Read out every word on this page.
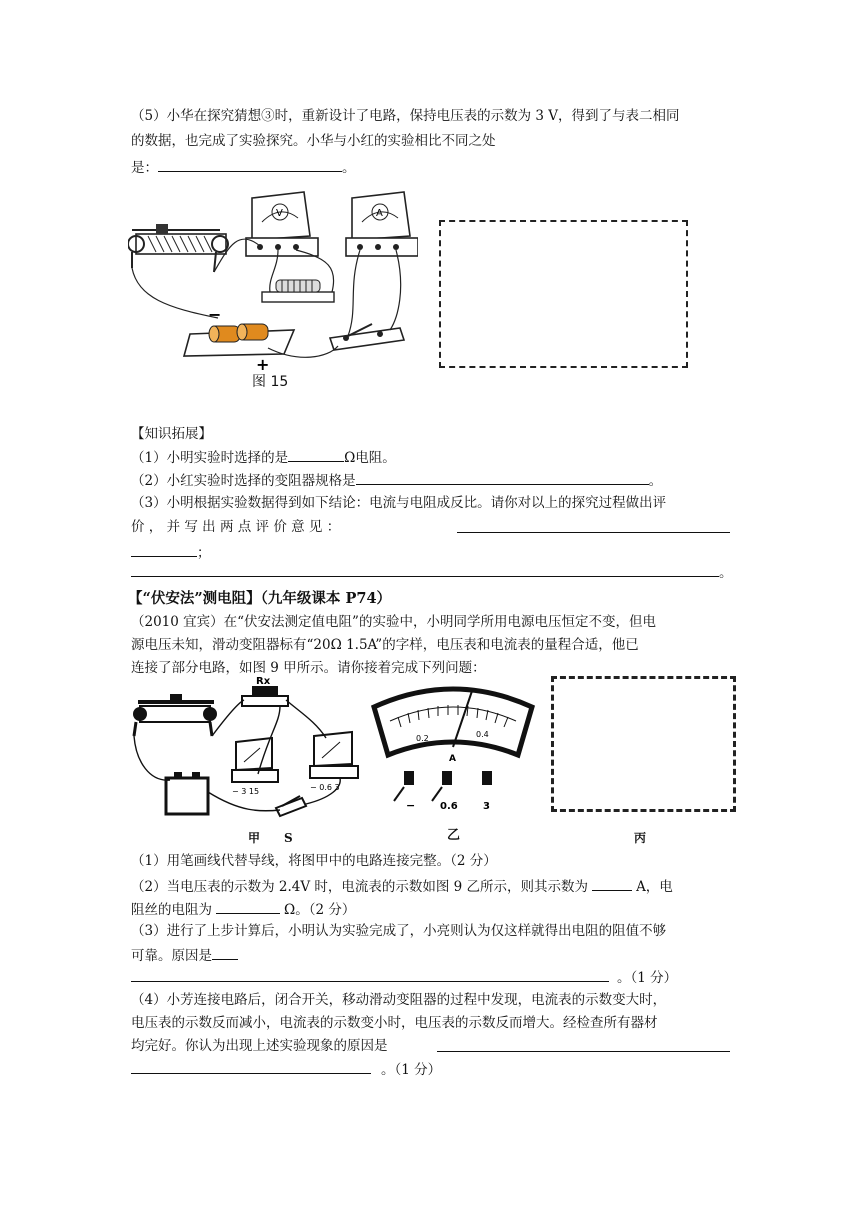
（5）小华在探究猜想③时，重新设计了电路，保持电压表的示数为 3 V，得到了与表二相同
的数据，也完成了实验探究。小华与小红的实验相比不同之处
是：	。
V	A
−
+
图 15
【知识拓展】
（1）小明实验时选择的是	Ω电阻。
（2）小红实验时选择的变阻器规格是	。
（3）小明根据实验数据得到如下结论：电流与电阻成反比。请你对以上的探究过程做出评
价 ， 并 写 出 两 点 评 价 意 见 ：
；
。
【“伏安法”测电阻】（九年级课本 P74）
（2010 宜宾）在“伏安法测定值电阻”的实验中，小明同学所用电源电压恒定不变，但电
源电压未知，滑动变阻器标有“20Ω 1.5A”的字样，电压表和电流表的量程合适，他已
连接了部分电路，如图 9 甲所示。请你接着完成下列问题：
Rx
− 3 15	− 0.6 3
0.2	0.4
A
− 0.6	3
甲 S	乙	丙
（1）用笔画线代替导线，将图甲中的电路连接完整。（2 分）
（2）当电压表的示数为 2.4V 时，电流表的示数如图 9 乙所示，则其示数为	A，电
阻丝的电阻为	Ω。（2 分）
（3）进行了上步计算后，小明认为实验完成了，小亮则认为仅这样就得出电阻的阻值不够
可靠。原因是
。（1 分）
（4）小芳连接电路后，闭合开关，移动滑动变阻器的过程中发现，电流表的示数变大时，
电压表的示数反而减小，电流表的示数变小时，电压表的示数反而增大。经检查所有器材
均完好。你认为出现上述实验现象的原因是
。（1 分）
